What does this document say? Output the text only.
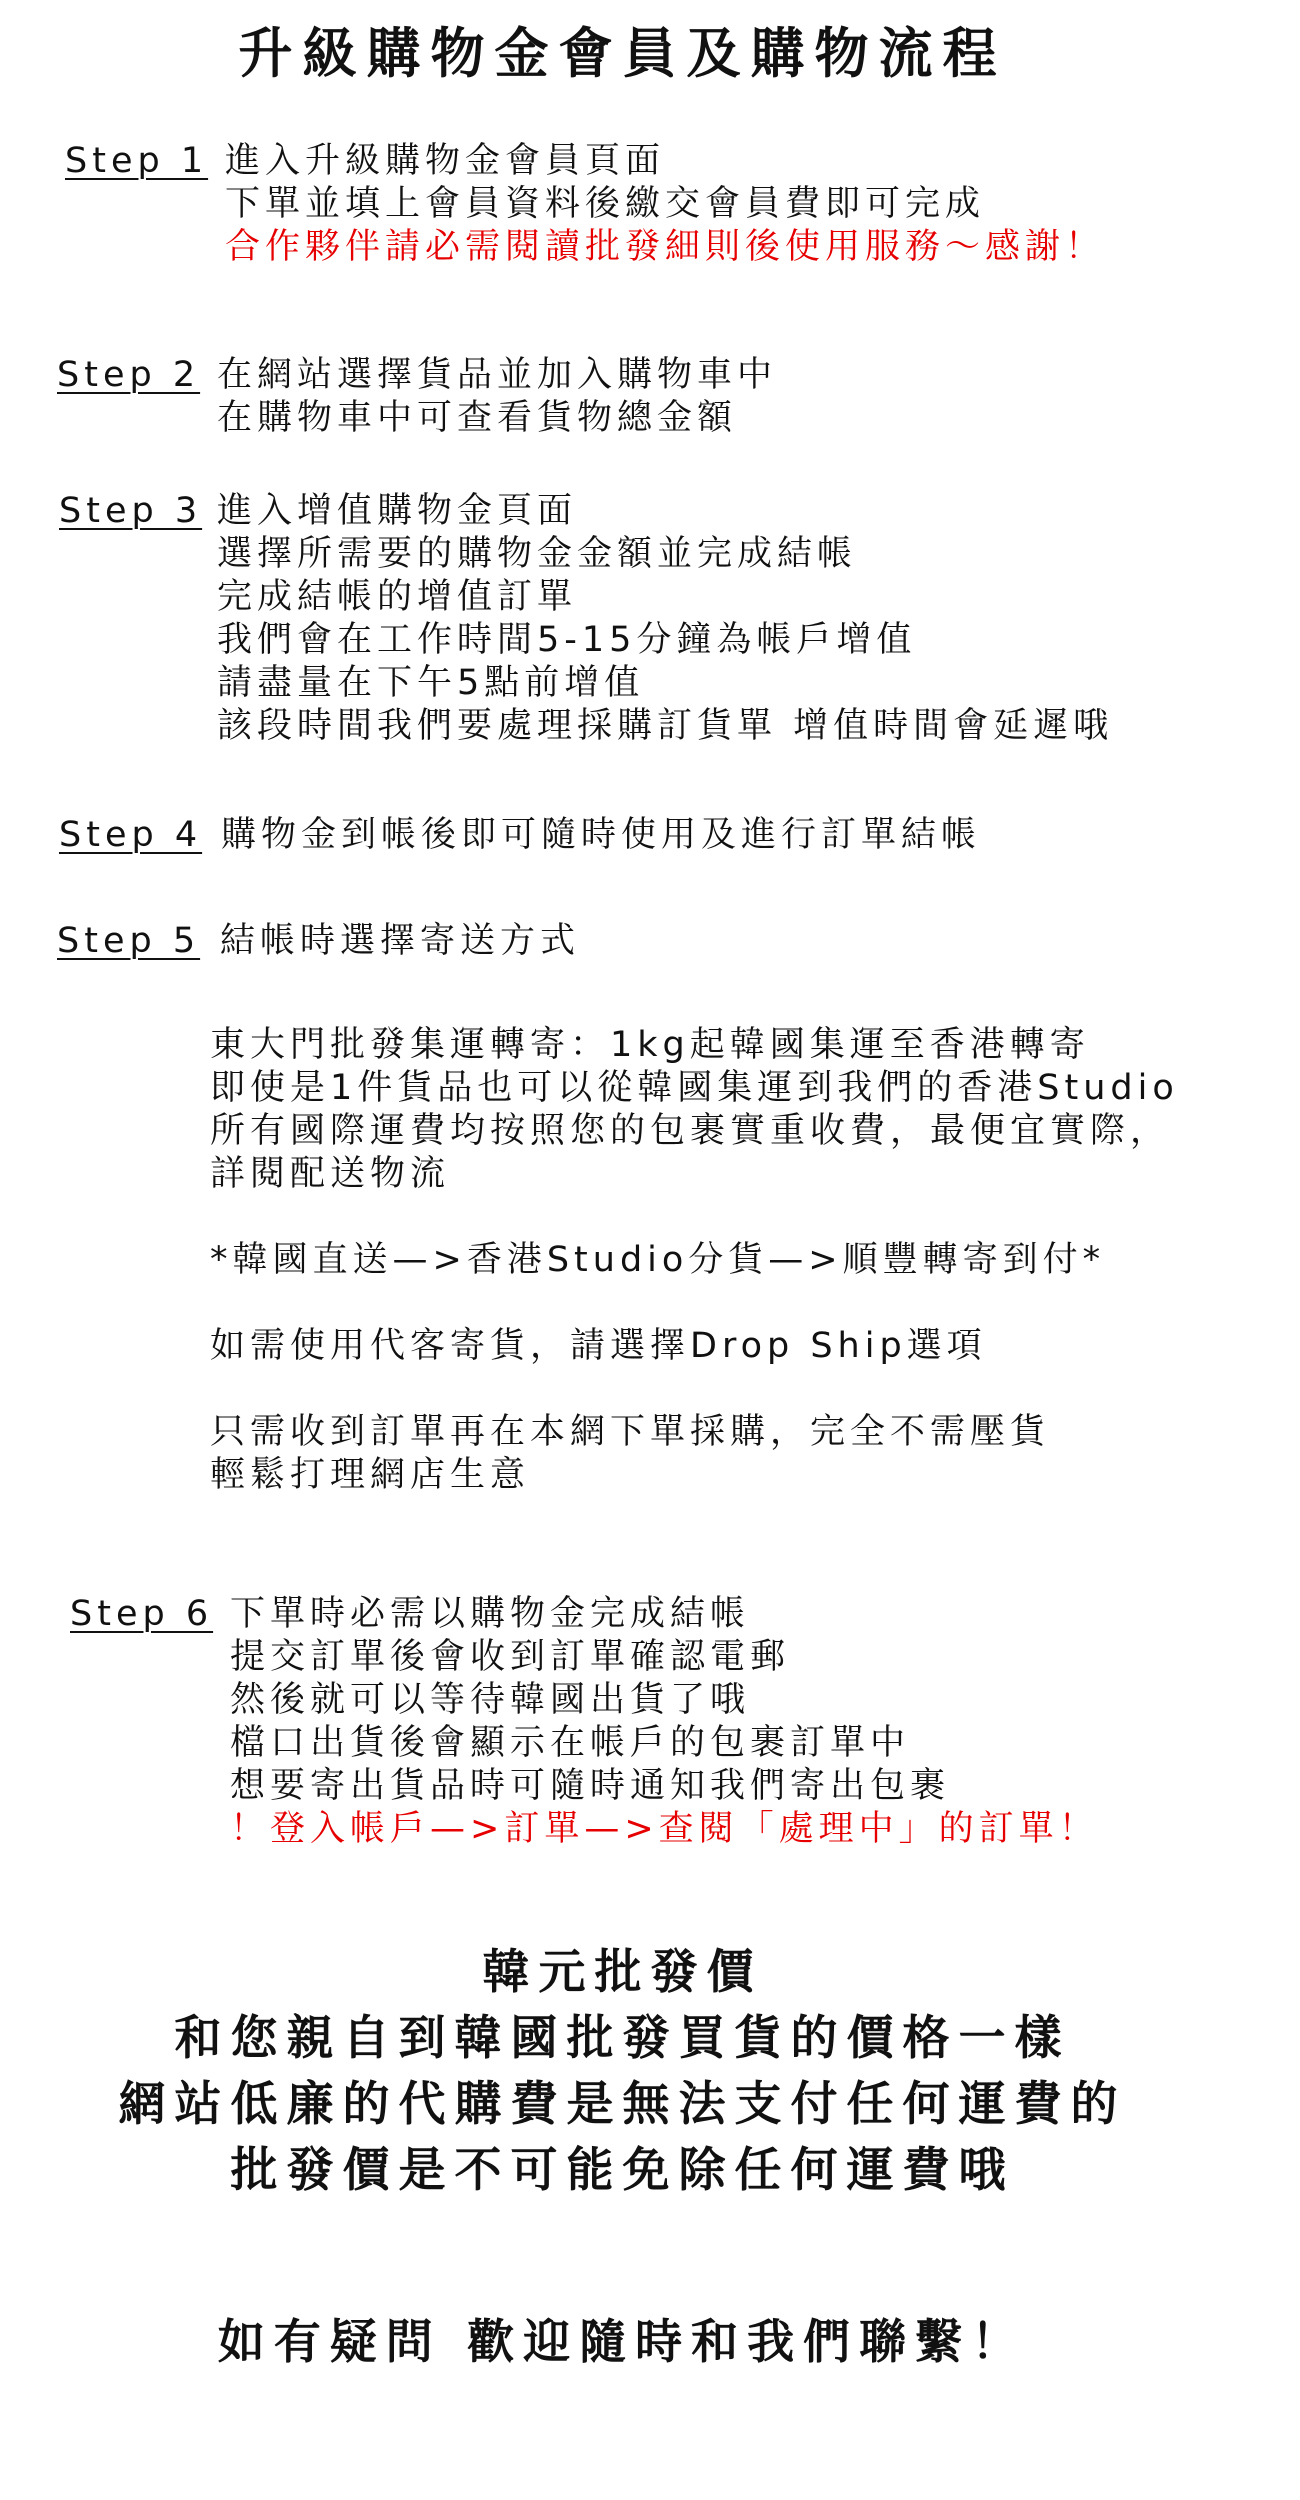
升級購物金會員及購物流程
Step 1 進入升級購物金會員頁面
下單並填上會員資料後繳交會員費即可完成
合作夥伴請必需閱讀批發細則後使用服務～感謝！
Step 2 在網站選擇貨品並加入購物車中
在購物車中可查看貨物總金額
Step 3 進入增值購物金頁面
選擇所需要的購物金金額並完成結帳
完成結帳的增值訂單
我們會在工作時間5-15分鐘為帳戶增值
請盡量在下午5點前增值
該段時間我們要處理採購訂貨單 增值時間會延遲哦
Step 4 購物金到帳後即可隨時使用及進行訂單結帳
Step 5 結帳時選擇寄送方式
東大門批發集運轉寄：1kg起韓國集運至香港轉寄
即使是1件貨品也可以從韓國集運到我們的香港Studio
所有國際運費均按照您的包裹實重收費，最便宜實際，
詳閱配送物流
*韓國直送—>香港Studio分貨—>順豐轉寄到付*
如需使用代客寄貨，請選擇Drop Ship選項
只需收到訂單再在本網下單採購，完全不需壓貨
輕鬆打理網店生意
Step 6 下單時必需以購物金完成結帳
提交訂單後會收到訂單確認電郵
然後就可以等待韓國出貨了哦
檔口出貨後會顯示在帳戶的包裹訂單中
想要寄出貨品時可隨時通知我們寄出包裹
！登入帳戶—>訂單—>查閱「處理中」的訂單！
韓元批發價
和您親自到韓國批發買貨的價格一樣
網站低廉的代購費是無法支付任何運費的
批發價是不可能免除任何運費哦
如有疑問 歡迎隨時和我們聯繫！
